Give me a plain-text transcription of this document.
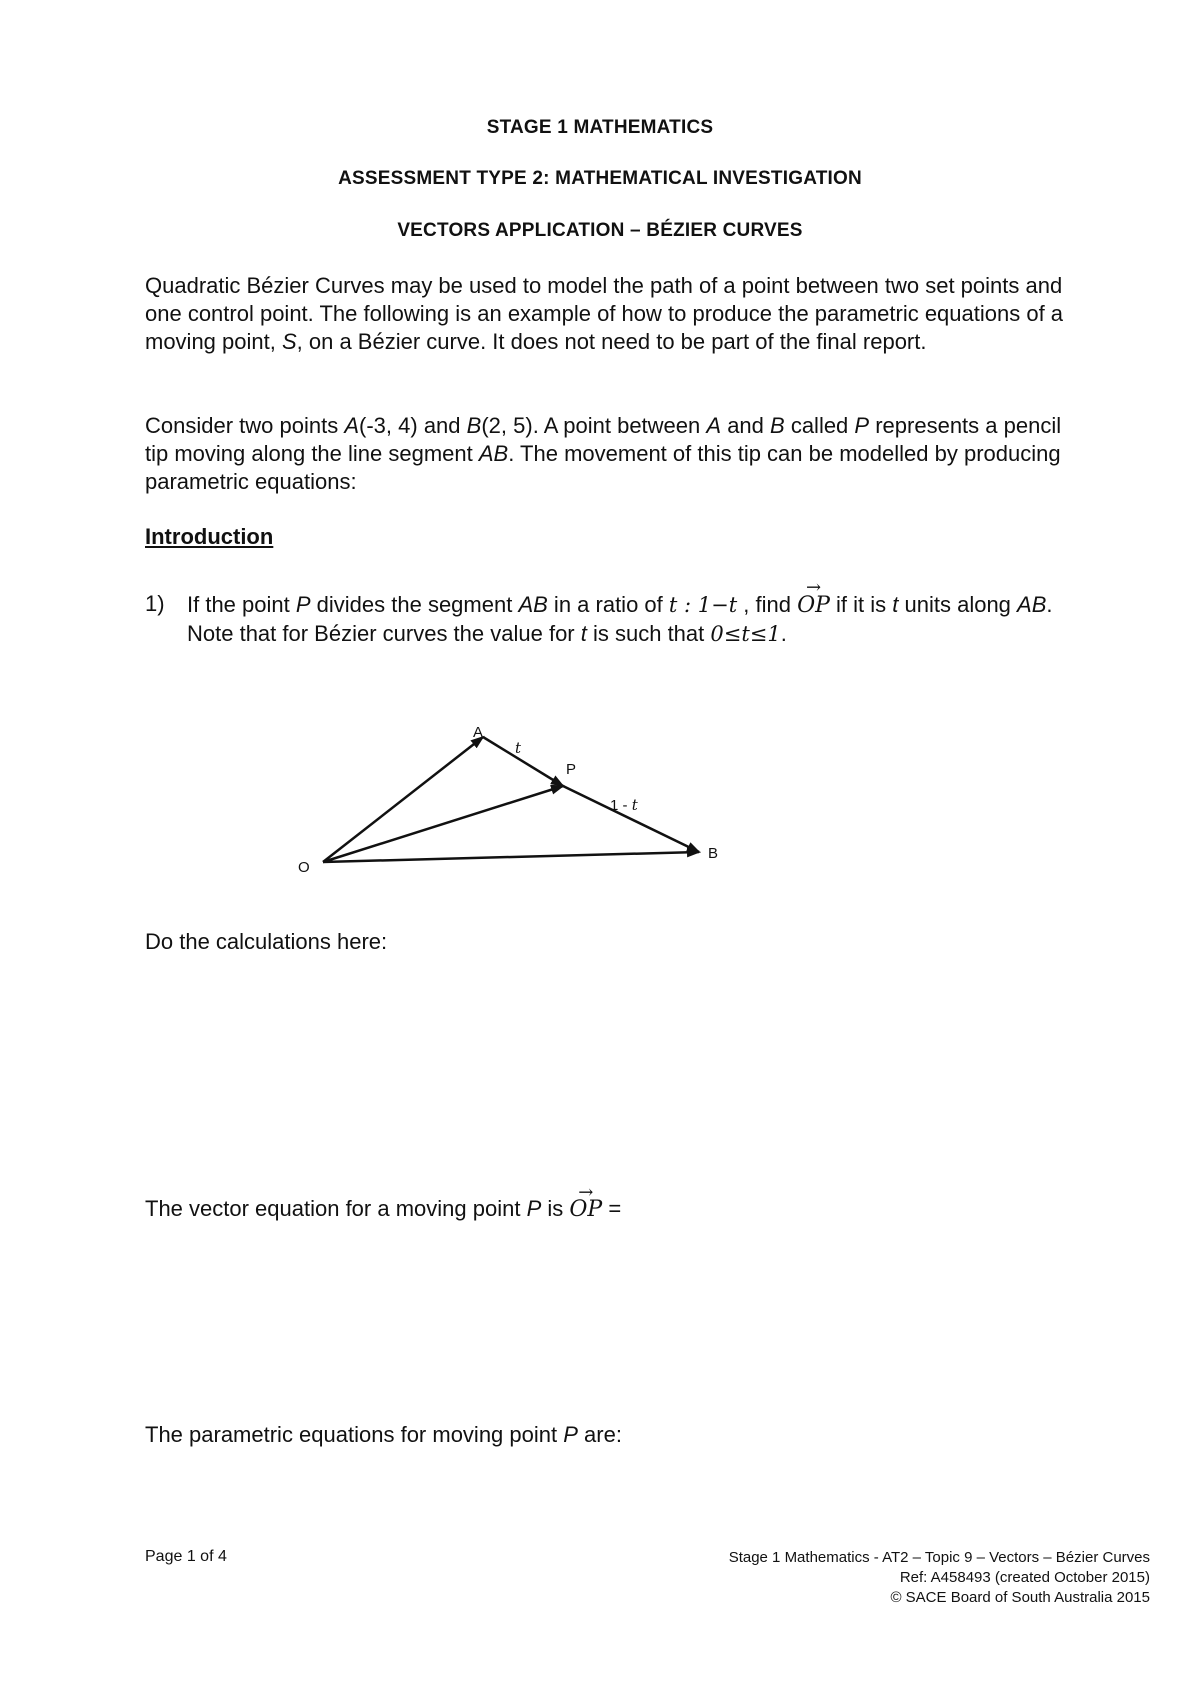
STAGE 1 MATHEMATICS
ASSESSMENT TYPE 2: MATHEMATICAL INVESTIGATION
VECTORS APPLICATION – BÉZIER CURVES

Quadratic Bézier Curves may be used to model the path of a point between two set points and one control point. The following is an example of how to produce the parametric equations of a moving point, S, on a Bézier curve. It does not need to be part of the final report.

Consider two points A(-3, 4) and B(2, 5). A point between A and B called P represents a pencil tip moving along the line segment AB. The movement of this tip can be modelled by producing parametric equations:

Introduction
1) If the point P divides the segment AB in a ratio of t : 1−t , find
→
OP if it is t units along AB. Note that for Bézier curves the value for t is such that 0≤t≤1.
A
t
P
1 - t
B
O
Do the calculations here:
The vector equation for a moving point P is
→
OP =
The parametric equations for moving point P are:
Page 1 of 4	Stage 1 Mathematics - AT2 – Topic 9 – Vectors – Bézier Curves
Ref: A458493 (created October 2015)
© SACE Board of South Australia 2015
